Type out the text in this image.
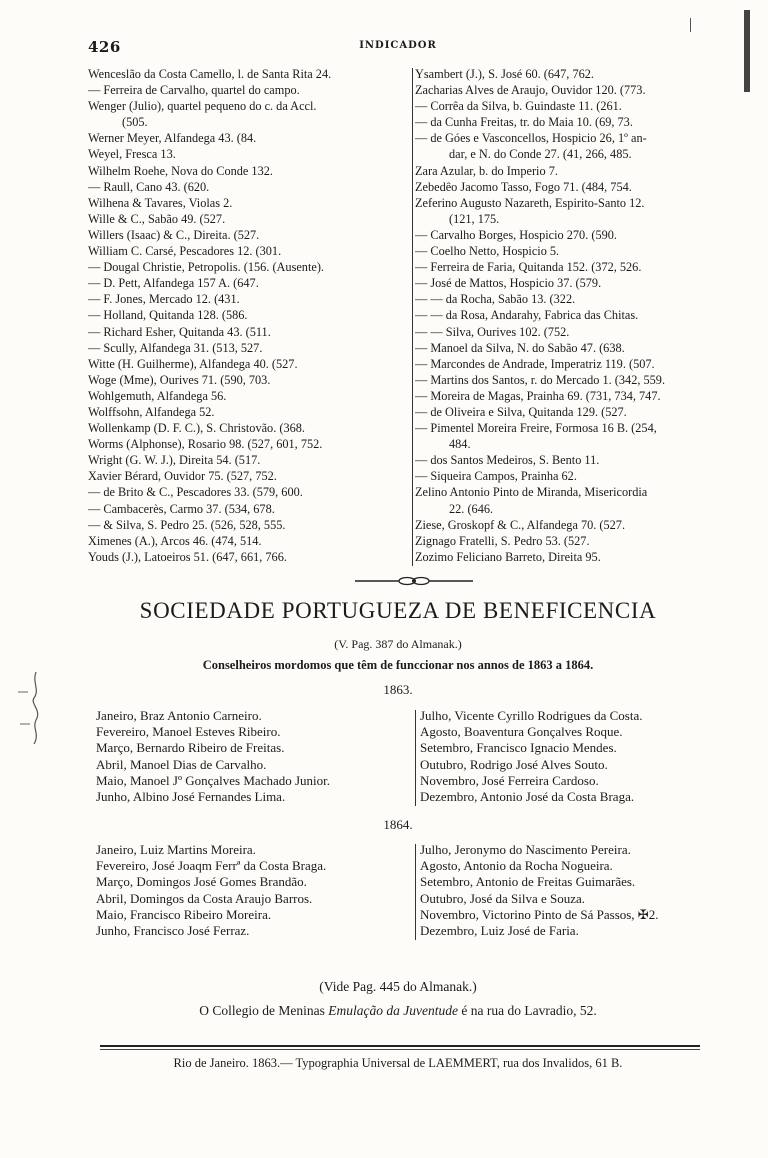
426	INDICADOR
Wenceslão da Costa Camello, l. de Santa Rita 24.
— Ferreira de Carvalho, quartel do campo.
Wenger (Julio), quartel pequeno do c. da Accl.
(505.
Werner Meyer, Alfandega 43. (84.
Weyel, Fresca 13.
Wilhelm Roehe, Nova do Conde 132.
— Raull, Cano 43. (620.
Wilhena & Tavares, Violas 2.
Wille & C., Sabão 49. (527.
Willers (Isaac) & C., Direita. (527.
William C. Carsé, Pescadores 12. (301.
— Dougal Christie, Petropolis. (156. (Ausente).
— D. Pett, Alfandega 157 A. (647.
— F. Jones, Mercado 12. (431.
— Holland, Quitanda 128. (586.
— Richard Esher, Quitanda 43. (511.
— Scully, Alfandega 31. (513, 527.
Witte (H. Guilherme), Alfandega 40. (527.
Woge (Mme), Ourives 71. (590, 703.
Wohlgemuth, Alfandega 56.
Wolffsohn, Alfandega 52.
Wollenkamp (D. F. C.), S. Christovão. (368.
Worms (Alphonse), Rosario 98. (527, 601, 752.
Wright (G. W. J.), Direita 54. (517.
Xavier Bérard, Ouvidor 75. (527, 752.
— de Brito & C., Pescadores 33. (579, 600.
— Cambacerès, Carmo 37. (534, 678.
— & Silva, S. Pedro 25. (526, 528, 555.
Ximenes (A.), Arcos 46. (474, 514.
Youds (J.), Latoeiros 51. (647, 661, 766.
Ysambert (J.), S. José 60. (647, 762.
Zacharias Alves de Araujo, Ouvidor 120. (773.
— Corrêa da Silva, b. Guindaste 11. (261.
— da Cunha Freitas, tr. do Maia 10. (69, 73.
— de Góes e Vasconcellos, Hospicio 26, 1º an-
dar, e N. do Conde 27. (41, 266, 485.
Zara Azular, b. do Imperio 7.
Zebedêo Jacomo Tasso, Fogo 71. (484, 754.
Zeferino Augusto Nazareth, Espirito-Santo 12.
(121, 175.
— Carvalho Borges, Hospicio 270. (590.
— Coelho Netto, Hospicio 5.
— Ferreira de Faria, Quitanda 152. (372, 526.
— José de Mattos, Hospicio 37. (579.
— — da Rocha, Sabão 13. (322.
— — da Rosa, Andarahy, Fabrica das Chitas.
— — Silva, Ourives 102. (752.
— Manoel da Silva, N. do Sabão 47. (638.
— Marcondes de Andrade, Imperatriz 119. (507.
— Martins dos Santos, r. do Mercado 1. (342, 559.
— Moreira de Magas, Prainha 69. (731, 734, 747.
— de Oliveira e Silva, Quitanda 129. (527.
— Pimentel Moreira Freire, Formosa 16 B. (254,
484.
— dos Santos Medeiros, S. Bento 11.
— Siqueira Campos, Prainha 62.
Zelino Antonio Pinto de Miranda, Misericordia
22. (646.
Ziese, Groskopf & C., Alfandega 70. (527.
Zignago Fratelli, S. Pedro 53. (527.
Zozimo Feliciano Barreto, Direita 95.
SOCIEDADE PORTUGUEZA DE BENEFICENCIA
(V. Pag. 387 do Almanak.)
Conselheiros mordomos que têm de funccionar nos annos de 1863 a 1864.
1863.
Janeiro, Braz Antonio Carneiro.
Fevereiro, Manoel Esteves Ribeiro.
Março, Bernardo Ribeiro de Freitas.
Abril, Manoel Dias de Carvalho.
Maio, Manoel Jº Gonçalves Machado Junior.
Junho, Albino José Fernandes Lima.
Julho, Vicente Cyrillo Rodrigues da Costa.
Agosto, Boaventura Gonçalves Roque.
Setembro, Francisco Ignacio Mendes.
Outubro, Rodrigo José Alves Souto.
Novembro, José Ferreira Cardoso.
Dezembro, Antonio José da Costa Braga.
1864.
Janeiro, Luiz Martins Moreira.
Fevereiro, José Joaqm Ferrª da Costa Braga.
Março, Domingos José Gomes Brandão.
Abril, Domingos da Costa Araujo Barros.
Maio, Francisco Ribeiro Moreira.
Junho, Francisco José Ferraz.
Julho, Jeronymo do Nascimento Pereira.
Agosto, Antonio da Rocha Nogueira.
Setembro, Antonio de Freitas Guimarães.
Outubro, José da Silva e Souza.
Novembro, Victorino Pinto de Sá Passos, ✠2.
Dezembro, Luiz José de Faria.
(Vide Pag. 445 do Almanak.)
O Collegio de Meninas Emulação da Juventude é na rua do Lavradio, 52.
Rio de Janeiro. 1863.— Typographia Universal de LAEMMERT, rua dos Invalidos, 61 B.
